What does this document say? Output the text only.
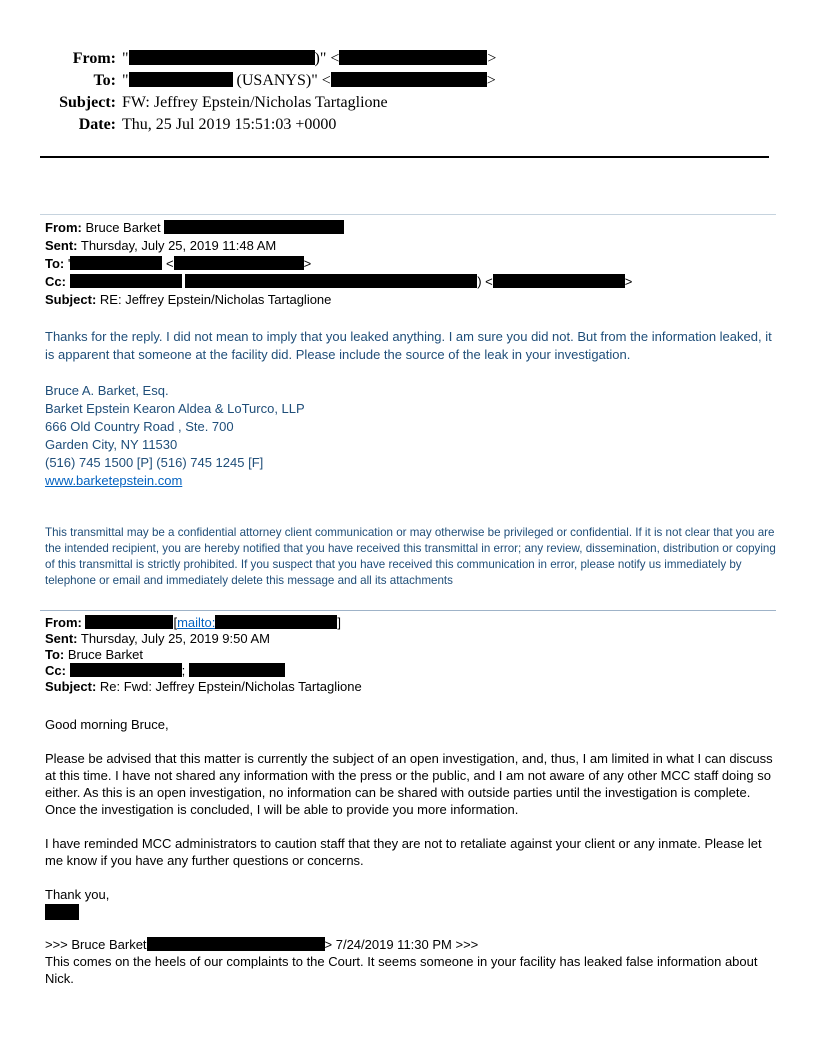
From: "	)" <	>
To: "	(USANYS)" <	>
Subject: FW: Jeffrey Epstein/Nicholas Tartaglione
Date: Thu, 25 Jul 2019 15:51:03 +0000
From: Bruce Barket
Sent: Thursday, July 25, 2019 11:48 AM
To: '	<	>
Cc:	) <	>
Subject: RE: Jeffrey Epstein/Nicholas Tartaglione
Thanks for the reply. I did not mean to imply that you leaked anything. I am sure you did not. But from the information leaked, it is apparent that someone at the facility did. Please include the source of the leak in your investigation.
Bruce A. Barket, Esq.
Barket Epstein Kearon Aldea & LoTurco, LLP
666 Old Country Road , Ste. 700
Garden City, NY 11530
(516) 745 1500 [P] (516) 745 1245 [F]
www.barketepstein.com
This transmittal may be a confidential attorney client communication or may otherwise be privileged or confidential. If it is not clear that you are the intended recipient, you are hereby notified that you have received this transmittal in error; any review, dissemination, distribution or copying of this transmittal is strictly prohibited. If you suspect that you have received this communication in error, please notify us immediately by telephone or email and immediately delete this message and all its attachments
From:	[mailto:	]
Sent: Thursday, July 25, 2019 9:50 AM
To: Bruce Barket
Cc:	;
Subject: Re: Fwd: Jeffrey Epstein/Nicholas Tartaglione

Good morning Bruce,

Please be advised that this matter is currently the subject of an open investigation, and, thus, I am limited in what I can discuss at this time. I have not shared any information with the press or the public, and I am not aware of any other MCC staff doing so either. As this is an open investigation, no information can be shared with outside parties until the investigation is complete. Once the investigation is concluded, I will be able to provide you more information.

I have reminded MCC administrators to caution staff that they are not to retaliate against your client or any inmate. Please let me know if you have any further questions or concerns.

Thank you,

>>> Bruce Barket	> 7/24/2019 11:30 PM >>>
This comes on the heels of our complaints to the Court. It seems someone in your facility has leaked false information about Nick.
